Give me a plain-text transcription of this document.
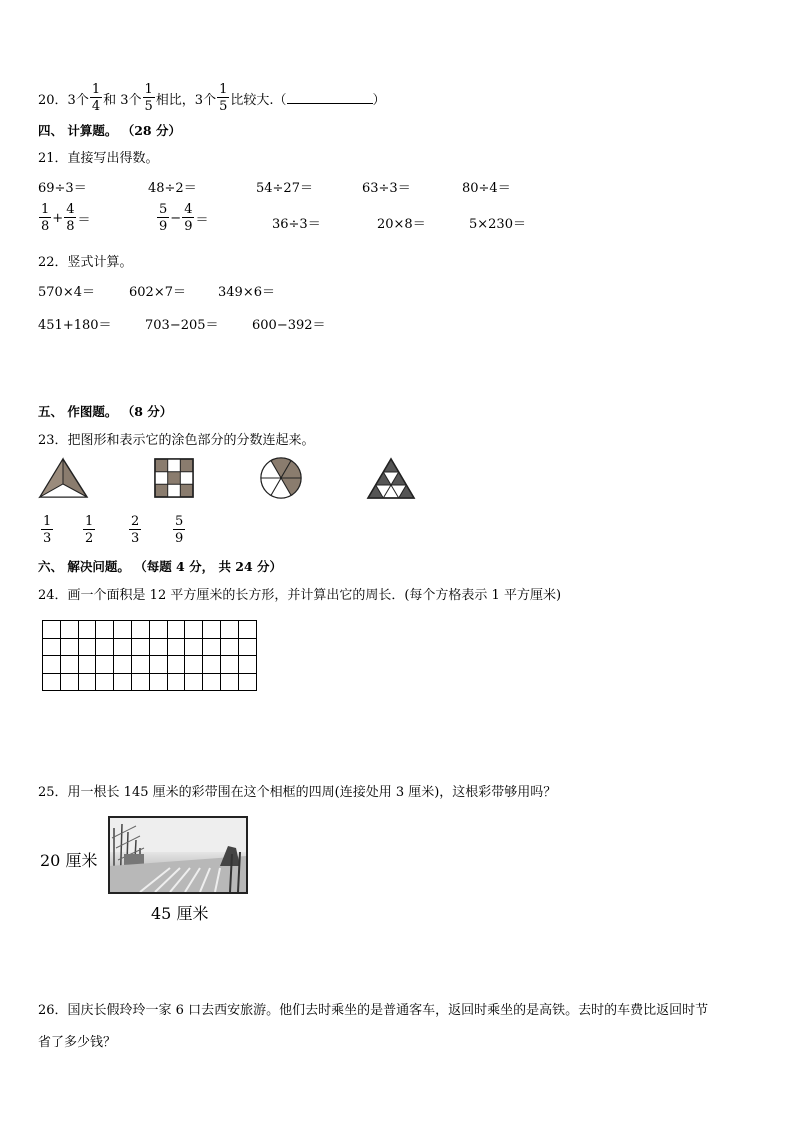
20． 3个 $\frac{1}{4}$ 和 3个 $\frac{1}{5}$ 相比，3个 $\frac{1}{5}$ 比较大.（	）
四、 计算题。 （28 分）
21．直接写出得数。
69÷3＝	48÷2＝	54÷27＝	63÷3＝	80÷4＝
$\frac{1}{8} + \frac{4}{8}$ ＝	$\frac{5}{9} - \frac{4}{9}$ ＝	36÷3＝	20×8＝	5×230＝
22．竖式计算。
570×4＝	602×7＝ 349×6＝
451+180＝	703−205＝	600−392＝
五、 作图题。 （8 分）
23．把图形和表示它的涂色部分的分数连起来。
$\frac{1}{3} \frac{1}{2}$	$\frac{2}{3} \frac{5}{9}$
六、 解决问题。 （每题 4 分， 共 24 分）
24．画一个面积是 12 平方厘米的长方形，并计算出它的周长．(每个方格表示 1 平方厘米)

25．用一根长 145 厘米的彩带围在这个相框的四周(连接处用 3 厘米)，这根彩带够用吗？
20 厘米
45 厘米
26．国庆长假玲玲一家 6 口去西安旅游。他们去时乘坐的是普通客车，返回时乘坐的是高铁。去时的车费比返回时节
省了多少钱？
